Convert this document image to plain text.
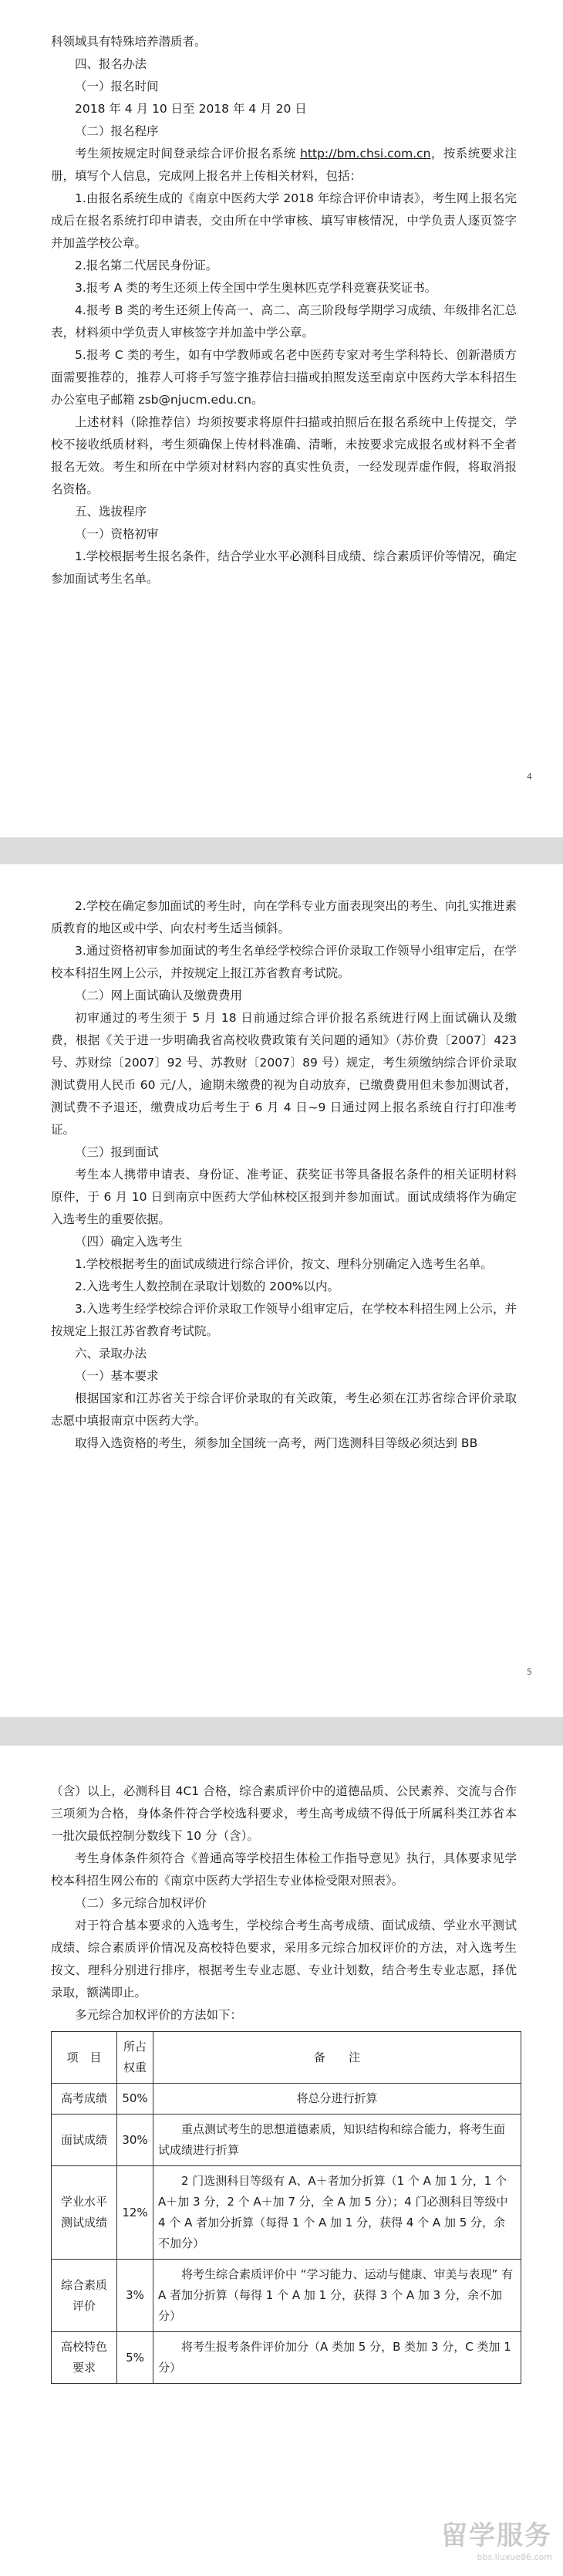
科领域具有特殊培养潜质者。

四、报名办法

（一）报名时间

2018 年 4 月 10 日至 2018 年 4 月 20 日

（二）报名程序

考生须按规定时间登录综合评价报名系统 http://bm.chsi.com.cn，按系统要求注册，填写个人信息，完成网上报名并上传相关材料，包括：

1.由报名系统生成的《南京中医药大学 2018 年综合评价申请表》，考生网上报名完成后在报名系统打印申请表，交由所在中学审核、填写审核情况，中学负责人逐页签字并加盖学校公章。

2.报名第二代居民身份证。

3.报考 A 类的考生还须上传全国中学生奥林匹克学科竞赛获奖证书。

4.报考 B 类的考生还须上传高一、高二、高三阶段每学期学习成绩、年级排名汇总表，材料须中学负责人审核签字并加盖中学公章。

5.报考 C 类的考生，如有中学教师或名老中医药专家对考生学科特长、创新潜质方面需要推荐的，推荐人可将手写签字推荐信扫描或拍照发送至南京中医药大学本科招生办公室电子邮箱 zsb@njucm.edu.cn。

上述材料（除推荐信）均须按要求将原件扫描或拍照后在报名系统中上传提交，学校不接收纸质材料，考生须确保上传材料准确、清晰，未按要求完成报名或材料不全者报名无效。考生和所在中学须对材料内容的真实性负责，一经发现弄虚作假，将取消报名资格。

五、选拔程序

（一）资格初审

1.学校根据考生报名条件，结合学业水平必测科目成绩、综合素质评价等情况，确定参加面试考生名单。

4

2.学校在确定参加面试的考生时，向在学科专业方面表现突出的考生、向扎实推进素质教育的地区或中学、向农村考生适当倾斜。

3.通过资格初审参加面试的考生名单经学校综合评价录取工作领导小组审定后，在学校本科招生网上公示，并按规定上报江苏省教育考试院。

（二）网上面试确认及缴费费用

初审通过的考生须于 5 月 18 日前通过综合评价报名系统进行网上面试确认及缴费，根据《关于进一步明确我省高校收费政策有关问题的通知》（苏价费〔2007〕423 号、苏财综〔2007〕92 号、苏教财〔2007〕89 号）规定，考生须缴纳综合评价录取测试费用人民币 60 元/人，逾期未缴费的视为自动放弃，已缴费费用但未参加测试者，测试费不予退还，缴费成功后考生于 6 月 4 日~9 日通过网上报名系统自行打印准考证。

（三）报到面试

考生本人携带申请表、身份证、准考证、获奖证书等具备报名条件的相关证明材料原件，于 6 月 10 日到南京中医药大学仙林校区报到并参加面试。面试成绩将作为确定入选考生的重要依据。

（四）确定入选考生

1.学校根据考生的面试成绩进行综合评价，按文、理科分别确定入选考生名单。

2.入选考生人数控制在录取计划数的 200%以内。

3.入选考生经学校综合评价录取工作领导小组审定后，在学校本科招生网上公示，并按规定上报江苏省教育考试院。

六、录取办法

（一）基本要求

根据国家和江苏省关于综合评价录取的有关政策，考生必须在江苏省综合评价录取志愿中填报南京中医药大学。

取得入选资格的考生，须参加全国统一高考，两门选测科目等级必须达到 BB

5

（含）以上，必测科目 4C1 合格，综合素质评价中的道德品质、公民素养、交流与合作三项须为合格，身体条件符合学校选科要求，考生高考成绩不得低于所属科类江苏省本一批次最低控制分数线下 10 分（含）。

考生身体条件须符合《普通高等学校招生体检工作指导意见》执行，具体要求见学校本科招生网公布的《南京中医药大学招生专业体检受限对照表》。

（二）多元综合加权评价

对于符合基本要求的入选考生，学校综合考生高考成绩、面试成绩、学业水平测试成绩、综合素质评价情况及高校特色要求，采用多元综合加权评价的方法，对入选考生按文、理科分别进行排序，根据考生专业志愿、专业计划数，结合考生专业志愿，择优录取，额满即止。

多元综合加权评价的方法如下：

项　目	所占权重	备　　注
高考成绩	50%	将总分进行折算
面试成绩	30%	重点测试考生的思想道德素质，知识结构和综合能力，将考生面试成绩进行折算
学业水平测试成绩	12%	2 门选测科目等级有 A、A＋者加分折算（1 个 A 加 1 分，1 个 A＋加 3 分，2 个 A＋加 7 分，全 A 加 5 分）；4 门必测科目等级中 4 个 A 者加分折算（每得 1 个 A 加 1 分，获得 4 个 A 加 5 分，余不加分）
综合素质评价	3%	将考生综合素质评价中 “学习能力、运动与健康、审美与表现” 有 A 者加分折算（每得 1 个 A 加 1 分，获得 3 个 A 加 3 分，余不加分）
高校特色要求	5%	将考生报考条件评价加分（A 类加 5 分，B 类加 3 分，C 类加 1 分）
留学服务
bbs.liuxue86.com
